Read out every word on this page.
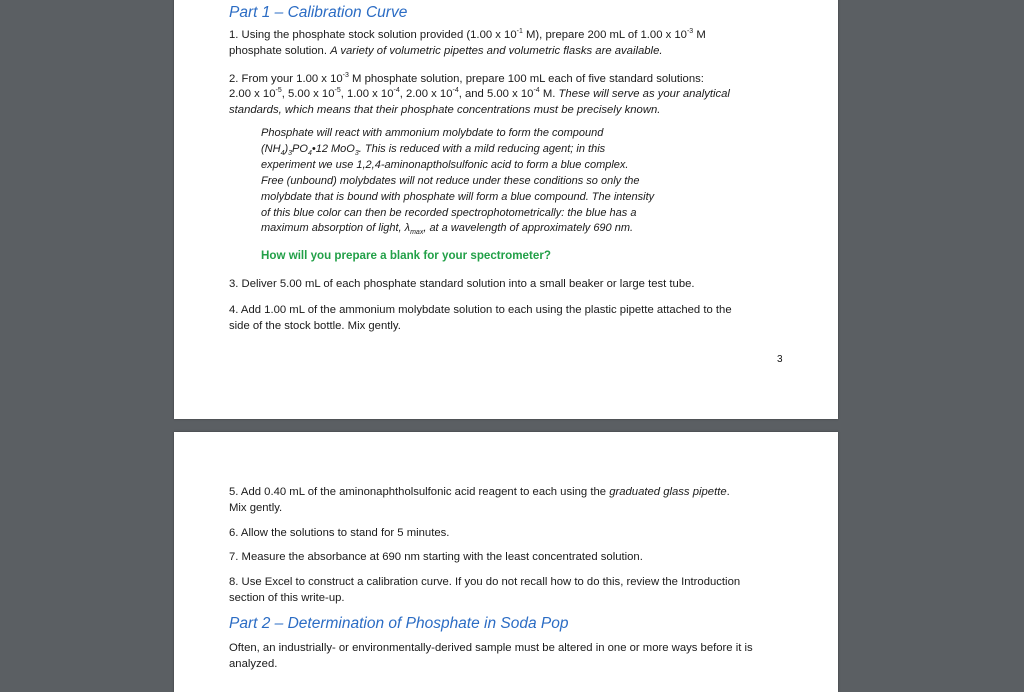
Part 1 – Calibration Curve

1. Using the phosphate stock solution provided (1.00 x $10^{-1}$ M), prepare 200 mL of 1.00 x $10^{-3}$ M
phosphate solution. A variety of volumetric pipettes and volumetric flasks are available.

2. From your 1.00 x $10^{-3}$ M phosphate solution, prepare 100 mL each of five standard solutions:
2.00 x $10^{-5}$, 5.00 x $10^{-5}$, 1.00 x $10^{-4}$, 2.00 x $10^{-4}$, and 5.00 x $10^{-4}$ M. These will serve as your analytical
standards, which means that their phosphate concentrations must be precisely known.

Phosphate will react with ammonium molybdate to form the compound
$(NH_4)_3PO_4•12$ MoO$_3$. This is reduced with a mild reducing agent; in this
experiment we use 1,2,4-aminonaptholsulfonic acid to form a blue complex.
Free (unbound) molybdates will not reduce under these conditions so only the
molybdate that is bound with phosphate will form a blue compound. The intensity
of this blue color can then be recorded spectrophotometrically: the blue has a
maximum absorption of light, $\lambda_{max}$, at a wavelength of approximately 690 nm.
How will you prepare a blank for your spectrometer?

3. Deliver 5.00 mL of each phosphate standard solution into a small beaker or large test tube.

4. Add 1.00 mL of the ammonium molybdate solution to each using the plastic pipette attached to the
side of the stock bottle. Mix gently.

3

5. Add 0.40 mL of the aminonaphtholsulfonic acid reagent to each using the graduated glass pipette.
Mix gently.

6. Allow the solutions to stand for 5 minutes.

7. Measure the absorbance at 690 nm starting with the least concentrated solution.

8. Use Excel to construct a calibration curve. If you do not recall how to do this, review the Introduction
section of this write-up.

Part 2 – Determination of Phosphate in Soda Pop

Often, an industrially- or environmentally-derived sample must be altered in one or more ways before it is
analyzed.
